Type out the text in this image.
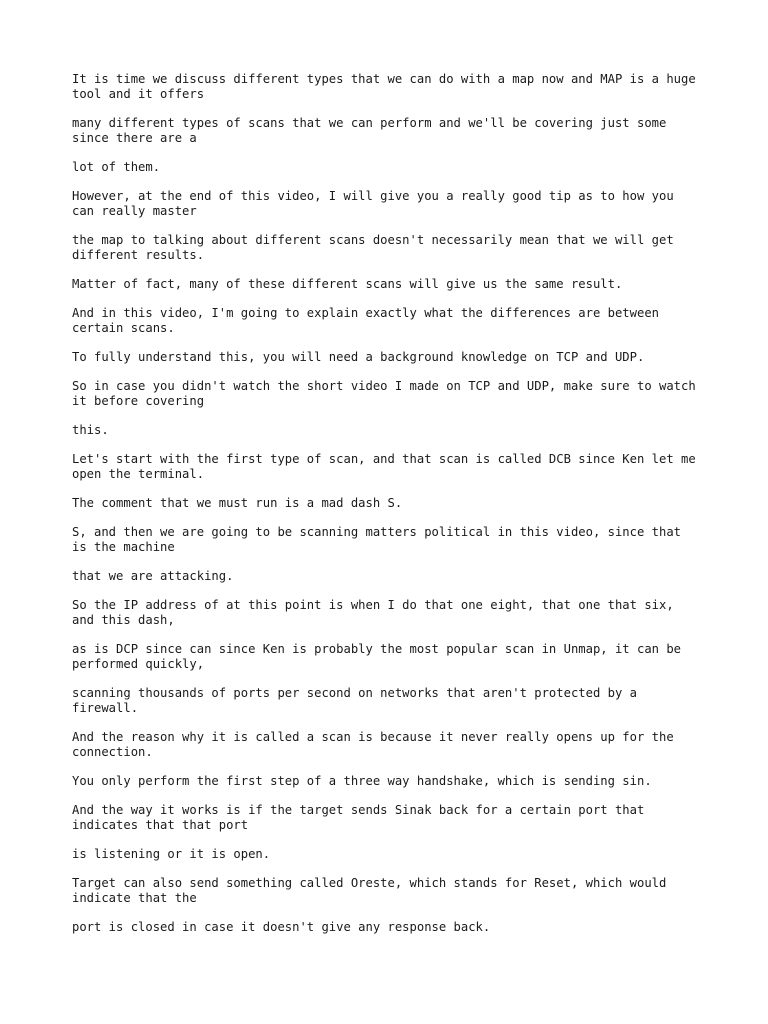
It is time we discuss different types that we can do with a map now and MAP is a huge tool and it offers

many different types of scans that we can perform and we'll be covering just some since there are a

lot of them.

However, at the end of this video, I will give you a really good tip as to how you can really master

the map to talking about different scans doesn't necessarily mean that we will get different results.

Matter of fact, many of these different scans will give us the same result.

And in this video, I'm going to explain exactly what the differences are between certain scans.

To fully understand this, you will need a background knowledge on TCP and UDP.

So in case you didn't watch the short video I made on TCP and UDP, make sure to watch it before covering

this.

Let's start with the first type of scan, and that scan is called DCB since Ken let me open the terminal.

The comment that we must run is a mad dash S.

S, and then we are going to be scanning matters political in this video, since that is the machine

that we are attacking.

So the IP address of at this point is when I do that one eight, that one that six, and this dash,

as is DCP since can since Ken is probably the most popular scan in Unmap, it can be performed quickly,

scanning thousands of ports per second on networks that aren't protected by a firewall.

And the reason why it is called a scan is because it never really opens up for the connection.

You only perform the first step of a three way handshake, which is sending sin.

And the way it works is if the target sends Sinak back for a certain port that indicates that that port

is listening or it is open.

Target can also send something called Oreste, which stands for Reset, which would indicate that the

port is closed in case it doesn't give any response back.
